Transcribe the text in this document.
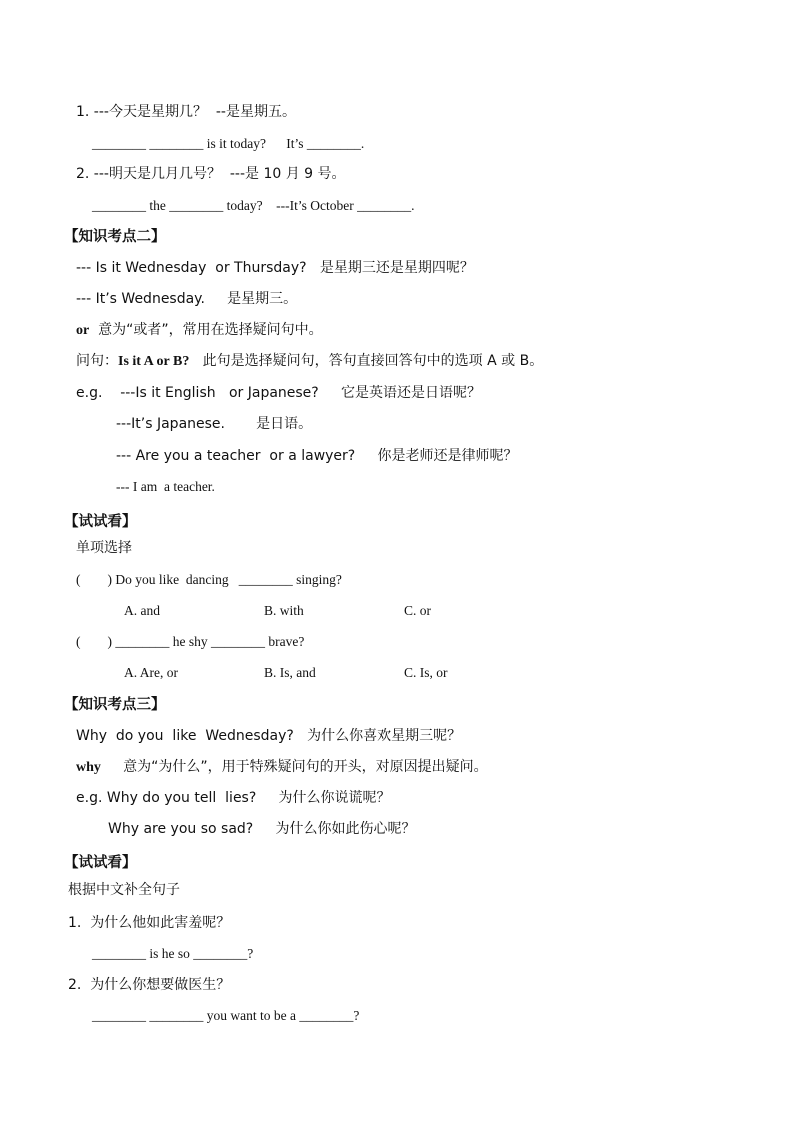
1. ---今天是星期几？  --是星期五。
________ ________ is it today?      It’s ________.
2. ---明天是几月几号？  ---是 10 月 9 号。
________ the ________ today?    ---It’s October ________.
【知识考点二】
--- Is it Wednesday  or Thursday?   是星期三还是星期四呢？
--- It’s Wednesday.     是星期三。
or  意为“或者”，常用在选择疑问句中。
问句：Is it A or B?   此句是选择疑问句，答句直接回答句中的选项 A 或 B。
e.g.    ---Is it English   or Japanese?     它是英语还是日语呢？
---It’s Japanese.       是日语。
--- Are you a teacher  or a lawyer?     你是老师还是律师呢？
--- I am  a teacher.
【试试看】
单项选择
(        ) Do you like  dancing   ________ singing?
A. and	B. with	C. or
(        ) ________ he shy ________ brave?
A. Are, or	B. Is, and	C. Is, or
【知识考点三】
Why  do you  like  Wednesday?   为什么你喜欢星期三呢？
why     意为“为什么”，用于特殊疑问句的开头，对原因提出疑问。
e.g. Why do you tell  lies?     为什么你说谎呢？
Why are you so sad?     为什么你如此伤心呢？
【试试看】
根据中文补全句子
1.  为什么他如此害羞呢？
________ is he so ________?
2.  为什么你想要做医生？
________ ________ you want to be a ________?
